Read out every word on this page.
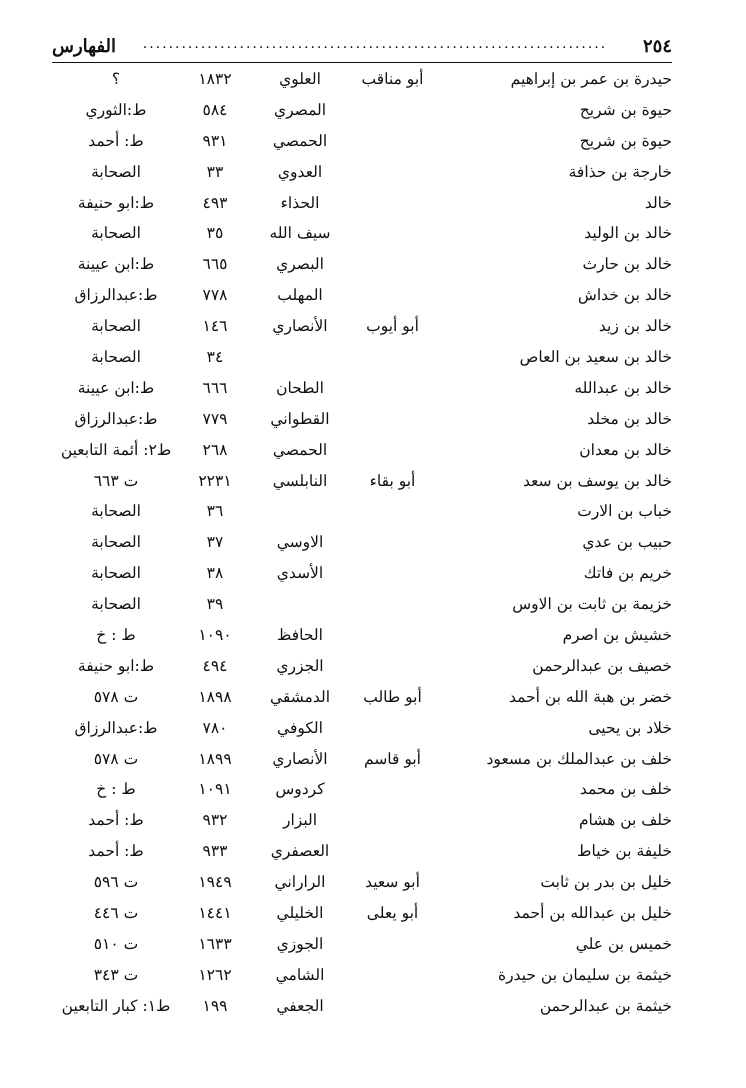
٢٥٤
........................................................................
الفهارس
حيدرة بن عمر بن إبراهيم
أبو مناقب
العلوي
١٨٣٢
؟
حيوة بن شريح
المصري
٥٨٤
ط:الثوري
حيوة بن شريح
الحمصي
٩٣١
ط: أحمد
خارجة بن حذافة
العدوي
٣٣
الصحابة
خالد
الحذاء
٤٩٣
ط:ابو حنيفة
خالد بن الوليد
سيف الله
٣٥
الصحابة
خالد بن حارث
البصري
٦٦٥
ط:ابن عيينة
خالد بن خداش
المهلب
٧٧٨
ط:عبدالرزاق
خالد بن زيد
أبو أيوب
الأنصاري
١٤٦
الصحابة
خالد بن سعيد بن العاص
٣٤
الصحابة
خالد بن عبدالله
الطحان
٦٦٦
ط:ابن عيينة
خالد بن مخلد
القطواني
٧٧٩
ط:عبدالرزاق
خالد بن معدان
الحمصي
٢٦٨
ط٢: أئمة التابعين
خالد بن يوسف بن سعد
أبو بقاء
النابلسي
٢٢٣١
ت ٦٦٣
خباب بن الارت
٣٦
الصحابة
حبيب بن عدي
الاوسي
٣٧
الصحابة
خريم بن فاتك
الأسدي
٣٨
الصحابة
خزيمة بن ثابت بن الاوس
٣٩
الصحابة
خشيش بن اصرم
الحافظ
١٠٩٠
ط : خ
خصيف بن عبدالرحمن
الجزري
٤٩٤
ط:ابو حنيفة
خضر بن هبة الله بن أحمد
أبو طالب
الدمشقي
١٨٩٨
ت ٥٧٨
خلاد بن يحيى
الكوفي
٧٨٠
ط:عبدالرزاق
خلف بن عبدالملك بن مسعود
أبو قاسم
الأنصاري
١٨٩٩
ت ٥٧٨
خلف بن محمد
كردوس
١٠٩١
ط : خ
خلف بن هشام
البزار
٩٣٢
ط: أحمد
خليفة بن خياط
العصفري
٩٣٣
ط: أحمد
خليل بن بدر بن ثابت
أبو سعيد
الراراني
١٩٤٩
ت ٥٩٦
خليل بن عبدالله بن أحمد
أبو يعلى
الخليلي
١٤٤١
ت ٤٤٦
خميس بن علي
الجوزي
١٦٣٣
ت ٥١٠
خيثمة بن سليمان بن حيدرة
الشامي
١٢٦٢
ت ٣٤٣
خيثمة بن عبدالرحمن
الجعفي
١٩٩
ط١: كبار التابعين
